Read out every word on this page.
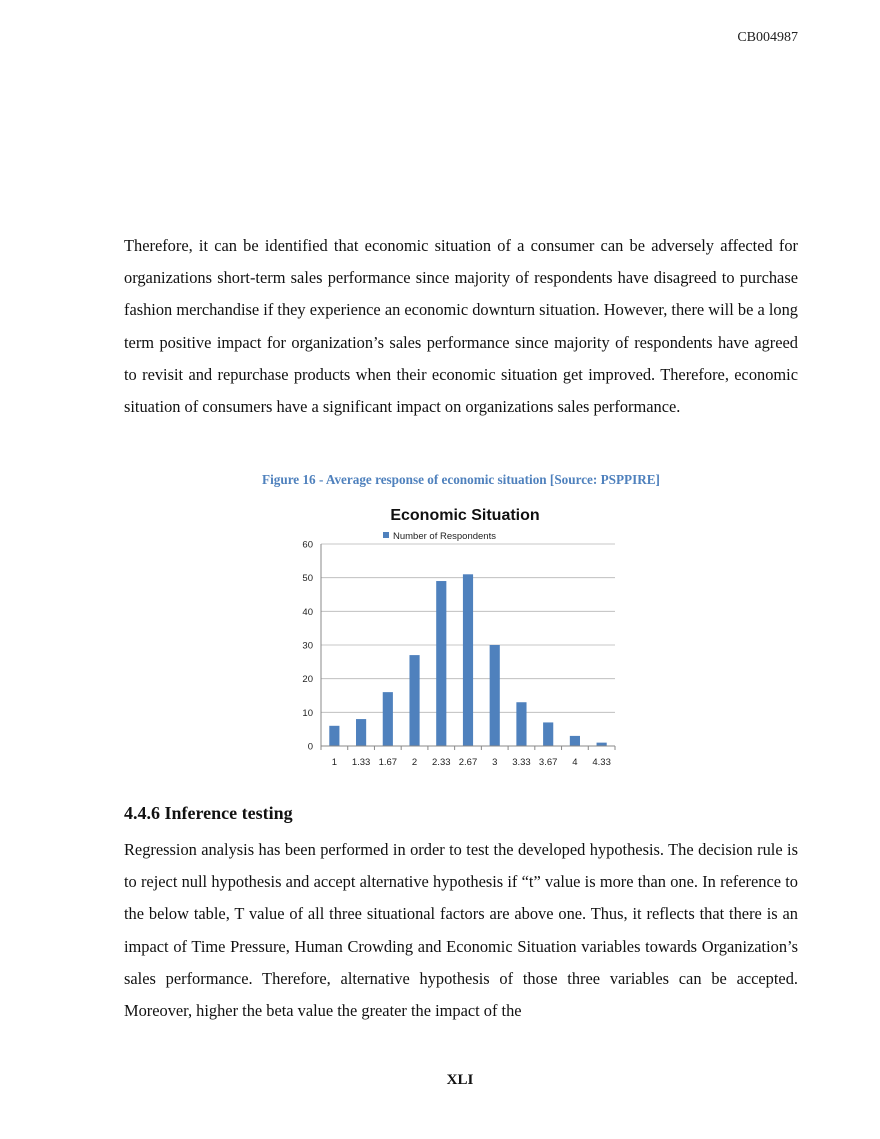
CB004987

Therefore, it can be identified that economic situation of a consumer can be adversely affected for organizations short-term sales performance since majority of respondents have disagreed to purchase fashion merchandise if they experience an economic downturn situation. However, there will be a long term positive impact for organization’s sales performance since majority of respondents have agreed to revisit and repurchase products when their economic situation get improved. Therefore, economic situation of consumers have a significant impact on organizations sales performance.

Figure 16 - Average response of economic situation [Source: PSPPIRE]
Economic Situation
Number of Respondents
0
10
20
30
40
50
60
1 1.33 1.67 2 2.33 2.67 3 3.33 3.67 4 4.33
4.4.6 Inference testing

Regression analysis has been performed in order to test the developed hypothesis. The decision rule is to reject null hypothesis and accept alternative hypothesis if “t” value is more than one. In reference to the below table, T value of all three situational factors are above one. Thus, it reflects that there is an impact of Time Pressure, Human Crowding and Economic Situation variables towards Organization’s sales performance. Therefore, alternative hypothesis of those three variables can be accepted. Moreover, higher the beta value the greater the impact of the

XLI
